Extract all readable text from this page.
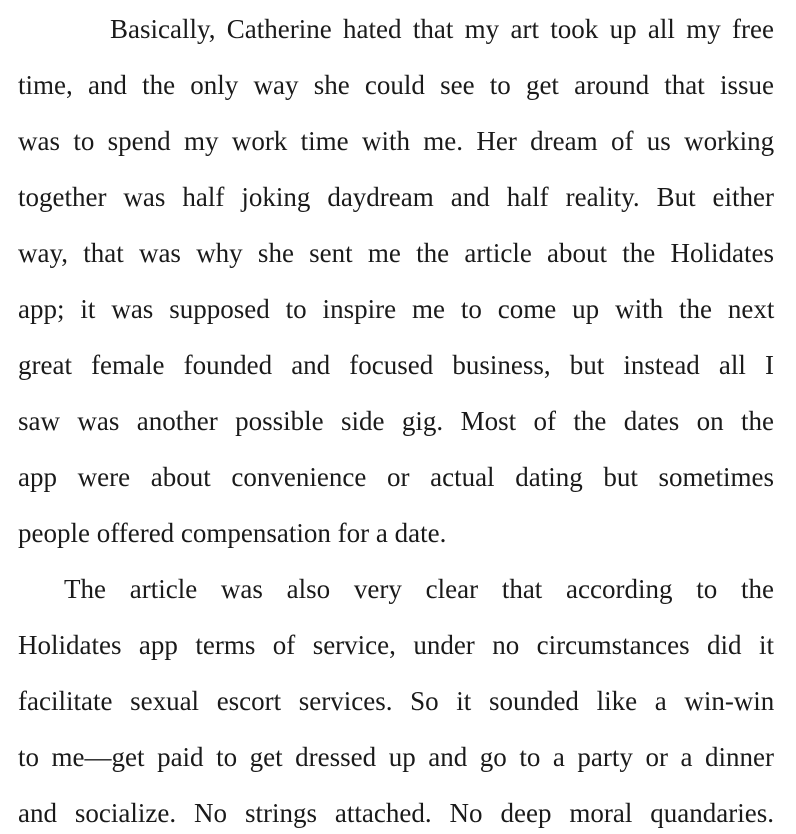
Basically, Catherine hated that my art took up all my free
time, and the only way she could see to get around that issue
was to spend my work time with me. Her dream of us working
together was half joking daydream and half reality. But either
way, that was why she sent me the article about the Holidates
app; it was supposed to inspire me to come up with the next
great female founded and focused business, but instead all I
saw was another possible side gig. Most of the dates on the
app were about convenience or actual dating but sometimes
people offered compensation for a date.
The article was also very clear that according to the
Holidates app terms of service, under no circumstances did it
facilitate sexual escort services. So it sounded like a win-win
to me—get paid to get dressed up and go to a party or a dinner
and socialize. No strings attached. No deep moral quandaries.
